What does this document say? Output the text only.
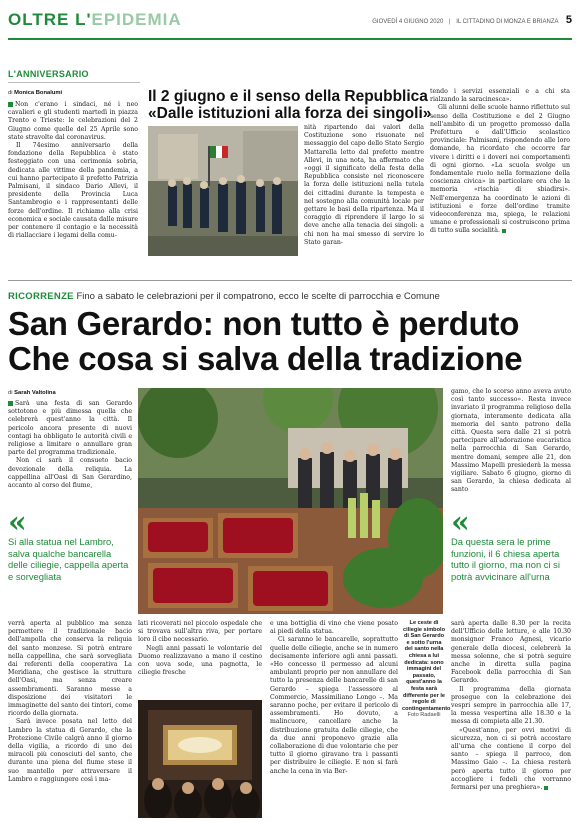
OLTRE L'EPIDEMIA	GIOVEDÌ 4 GIUGNO 2020 | IL CITTADINO DI MONZA E BRIANZA 5
L'ANNIVERSARIO
di Monica Bonalumi
Non c'erano i sindaci, né i neo cavalieri e gli studenti martedì in piazza Trento e Trieste: le celebrazioni del 2 Giugno come quelle del 25 Aprile sono state stravolte dal coronavirus.
Il 74esimo anniversario della fondazione della Repubblica è stato festeggiato con una cerimonia sobria, dedicata alle vittime della pandemia, a cui hanno partecipato il prefetto Patrizia Palmisani, il sindaco Dario Allevi, il presidente della Provincia Luca Santambrogio e i rappresentanti delle forze dell'ordine. Il richiamo alla crisi economica e sociale causata dalle misure per contenere il contagio e la necessità di riallacciare i legami della comu-
Il 2 giugno e il senso della Repubblica
«Dalle istituzioni alla forza dei singoli»
nità ripartendo dai valori della Costituzione sono risuonate nel messaggio del capo dello Stato Sergio Mattarella letto dal prefetto mentre Allevi, in una nota, ha affermato che «oggi il significato della festa della Repubblica consiste nel riconoscere la forza delle istituzioni nella tutela dei cittadini durante la tempesta e nel sostegno alla comunità locale per gettare le basi della ripartenza. Ma il coraggio di riprendere il largo lo si deve anche alla tenacia dei singoli: a chi non ha mai smesso di servire lo Stato garan-
tendo i servizi essenziali e a chi sta rialzando la saracinesca».
Gli alunni delle scuole hanno riflettuto sul senso della Costituzione e del 2 Giugno nell'ambito di un progetto promosso dalla Prefettura e dall'Ufficio scolastico provinciale: Palmisani, rispondendo alle loro domande, ha ricordato che occorre far vivere i diritti e i doveri nei comportamenti di ogni giorno. «La scuola svolge un fondamentale ruolo nella formazione della coscienza civica» in particolare ora che la memoria «rischia di sbiadirsi». Nell'emergenza ha coordinato le azioni di istituzioni e forze dell'ordine tramite videoconferenza ma, spiega, le relazioni umane e professionali si costruiscono prima di tutto sulla socialità.
RICORRENZE Fino a sabato le celebrazioni per il compatrono, ecco le scelte di parrocchia e Comune
San Gerardo: non tutto è perduto
Che cosa si salva della tradizione
di Sarah Valtolina
Sarà una festa di san Gerardo sottotono e più dimessa quella che celebrerà quest'anno la città. Il pericolo ancora presente di nuovi contagi ha obbligato le autorità civili e religiose a limitare o annullare gran parte del programma tradizionale.
Non ci sarà il consueto bacio devozionale della reliquia. La cappellina all'Oasi di San Gerardino, accanto al corso del fiume,
«
Si alla statua nel Lambro, salva qualche bancarella delle ciliegie, cappella aperta e sorvegliata
gamo, che lo scorso anno aveva avuto così tanto successo». Resta invece invariato il programma religioso della giornata, interamente dedicata alla memoria del santo patrono della città. Questa sera dalle 21 si potrà partecipare all'adorazione eucaristica nella parrocchia di San Gerardo, mentre domani, sempre alle 21, don Massimo Mapelli presiederà la messa vigiliare. Sabato 6 giugno, giorno di san Gerardo, la chiesa dedicata al santo
«
Da questa sera le prime funzioni, il 6 chiesa aperta tutto il giorno, ma non ci si potrà avvicinare all'urna
verrà aperta al pubblico ma senza permettere il tradizionale bacio dell'ampolla che conserva la reliquia del santo monzese. Si potrà entrare nella cappellina, che sarà sorvegliata dai referenti della cooperativa La Meridiana, che gestisce la struttura dell'Oasi, ma senza creare assembramenti. Saranno messe a disposizione dei visitatori le immaginette del santo dei tintori, come ricordo della giornata.
Sarà invece posata nel letto del Lambro la statua di Gerardo, che la Protezione Civile calgrà anno il giorno della vigilia, a ricordo di uno dei miracoli più conosciuti del santo, che durante una piena del fiume stese il suo mantello per attraversare il Lambro e raggiungere così i ma-
lati ricoverati nel piccolo ospedale che si trovava sull'altra riva, per portare loro il cibo necessario.
Negli anni passati le volontarie del Duomo realizzavano a mano il cestino con uova sode, una pagnotta, le ciliegie fresche
e una bottiglia di vino che viene posato ai piedi della statua.
Ci saranno le bancarelle, soprattutto quelle delle ciliegie, anche se in numero decisamente inferiore agli anni passati. «Ho concesso il permesso ad alcuni ambulanti proprio per non annullare del tutto la presenza delle bancarelle di san Gerardo – spiega l'assessore al Commercio, Massimiliano Longo –. Ma saranno poche, per evitare il pericolo di assembramenti. Ho dovuto, a malincuore, cancellare anche la distribuzione gratuita delle ciliegie, che da due anni proponevo grazie alla collaborazione di due volontarie che per tutto il giorno giravano tra i passanti per distribuire le ciliegie. E non si farà anche la cena in via Ber-
Le ceste di ciliegie simbolo di San Gerardo e sotto l'urna del santo nella chiesa a lui dedicata: sono immagini del passato, quest'anno la festa sarà differente per le regole di contingentamento
Foto Radaelli
sarà aperta dalle 8.30 per la recita dell'Ufficio delle letture, e alle 10.30 monsignor Franco Agnesi, vicario generale della diocesi, celebrerà la messa solenne, che si potrà seguire anche in diretta sulla pagina Facebook della parrocchia di San Gerardo.
Il programma della giornata prosegue con la celebrazione dei vespri sempre in parrocchia alle 17, la messa vespertina alle 18.30 e la messa di compieta alle 21.30.
«Quest'anno, per ovvi motivi di sicurezza, non ci si potrà accostare all'urna che contiene il corpo del santo – spiega il parroco, don Massimo Gaio –. La chiesa resterà però aperta tutto il giorno per accogliere i fedeli che vorranno fermarsi per una preghiera».
